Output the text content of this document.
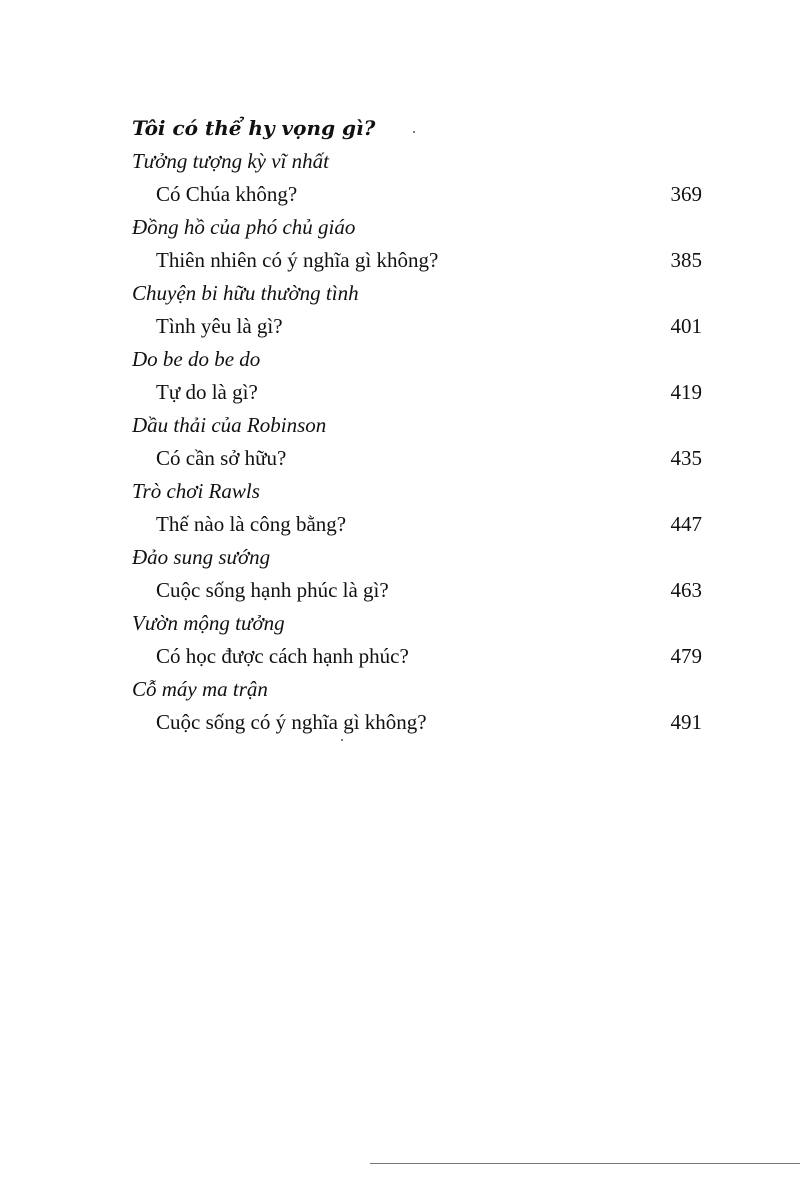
Tôi có thể hy vọng gì?
Tưởng tượng kỳ vĩ nhất
Có Chúa không?	369
Đồng hồ của phó chủ giáo
Thiên nhiên có ý nghĩa gì không?	385
Chuyện bi hữu thường tình
Tình yêu là gì?	401
Do be do be do
Tự do là gì?	419
Dầu thải của Robinson
Có cần sở hữu?	435
Trò chơi Rawls
Thế nào là công bằng?	447
Đảo sung sướng
Cuộc sống hạnh phúc là gì?	463
Vườn mộng tưởng
Có học được cách hạnh phúc?	479
Cỗ máy ma trận
Cuộc sống có ý nghĩa gì không?	491
